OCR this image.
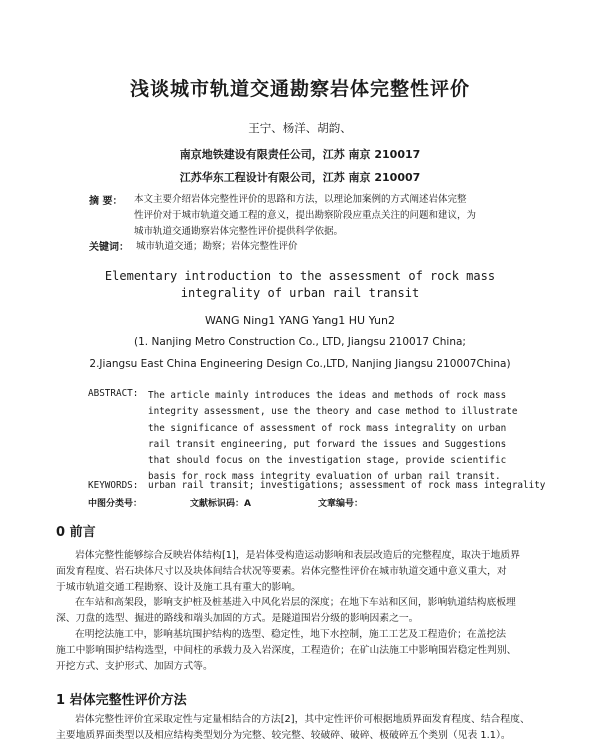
浅谈城市轨道交通勘察岩体完整性评价
王宁、杨洋、胡韵、
南京地铁建设有限责任公司，江苏 南京 210017
江苏华东工程设计有限公司，江苏 南京 210007
摘 要： 本文主要介绍岩体完整性评价的思路和方法，以理论加案例的方式阐述岩体完整
性评价对于城市轨道交通工程的意义，提出勘察阶段应重点关注的问题和建议，为
城市轨道交通勘察岩体完整性评价提供科学依据。
关键词： 城市轨道交通；勘察；岩体完整性评价
Elementary introduction to the assessment of rock mass integrality of urban rail transit
WANG Ning1 YANG Yang1 HU Yun2
(1. Nanjing Metro Construction Co., LTD, Jiangsu 210017 China;
2.Jiangsu East China Engineering Design Co.,LTD, Nanjing Jiangsu 210007China)
ABSTRACT: The article mainly introduces the ideas and methods of rock mass integrity assessment, use the theory and case method to illustrate the significance of assessment of rock mass integrality on urban rail transit engineering, put forward the issues and Suggestions that should focus on the investigation stage, provide scientific basis for rock mass integrity evaluation of urban rail transit.
KEYWORDS: urban rail transit; investigations; assessment of rock mass integrality
中图分类号：	文献标识码：A	文章编号：
0 前言
岩体完整性能够综合反映岩体结构[1]，是岩体受构造运动影响和表层改造后的完整程度，取决于地质界
面发育程度、岩石块体尺寸以及块体间结合状况等要素。岩体完整性评价在城市轨道交通中意义重大，对
于城市轨道交通工程勘察、设计及施工具有重大的影响。
在车站和高架段，影响支护桩及桩基进入中风化岩层的深度；在地下车站和区间，影响轨道结构底板埋
深、刀盘的选型、掘进的路线和端头加固的方式。是隧道围岩分级的影响因素之一。
在明挖法施工中，影响基坑围护结构的选型、稳定性，地下水控制，施工工艺及工程造价；在盖挖法
施工中影响围护结构选型，中间柱的承载力及入岩深度，工程造价；在矿山法施工中影响围岩稳定性判别、
开挖方式、支护形式、加固方式等。
1 岩体完整性评价方法
岩体完整性评价宜采取定性与定量相结合的方法[2]，其中定性评价可根据地质界面发育程度、结合程度、
主要地质界面类型以及相应结构类型划分为完整、较完整、较破碎、破碎、极破碎五个类别（见表 1.1）。
